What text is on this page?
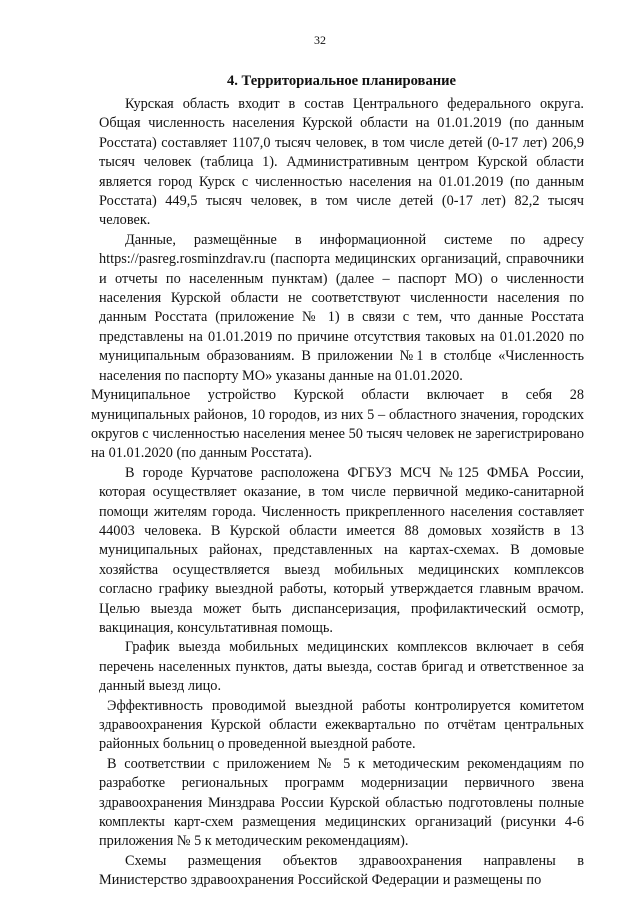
32
4. Территориальное планирование

Курская область входит в состав Центрального федерального округа. Общая численность населения Курской области на 01.01.2019 (по данным Росстата) составляет 1107,0 тысяч человек, в том числе детей (0-17 лет) 206,9 тысяч человек (таблица 1). Административным центром Курской области является город Курск с численностью населения на 01.01.2019 (по данным Росстата) 449,5 тысяч человек, в том числе детей (0-17 лет) 82,2 тысяч человек.

Данные, размещённые в информационной системе по адресу https://pasreg.rosminzdrav.ru (паспорта медицинских организаций, справочники и отчеты по населенным пунктам) (далее – паспорт МО) о численности населения Курской области не соответствуют численности населения по данным Росстата (приложение № 1) в связи с тем, что данные Росстата представлены на 01.01.2019 по причине отсутствия таковых на 01.01.2020 по муниципальным образованиям. В приложении №1 в столбце «Численность населения по паспорту МО» указаны данные на 01.01.2020.

Муниципальное устройство Курской области включает в себя 28 муниципальных районов, 10 городов, из них 5 – областного значения, городских округов с численностью населения менее 50 тысяч человек не зарегистрировано на 01.01.2020 (по данным Росстата).

В городе Курчатове расположена ФГБУЗ МСЧ №125 ФМБА России, которая осуществляет оказание, в том числе первичной медико-санитарной помощи жителям города. Численность прикрепленного населения составляет 44003 человека. В Курской области имеется 88 домовых хозяйств в 13 муниципальных районах, представленных на картах-схемах. В домовые хозяйства осуществляется выезд мобильных медицинских комплексов согласно графику выездной работы, который утверждается главным врачом. Целью выезда может быть диспансеризация, профилактический осмотр, вакцинация, консультативная помощь.

График выезда мобильных медицинских комплексов включает в себя перечень населенных пунктов, даты выезда, состав бригад и ответственное за данный выезд лицо.

Эффективность проводимой выездной работы контролируется комитетом здравоохранения Курской области ежеквартально по отчётам центральных районных больниц о проведенной выездной работе.

В соответствии с приложением № 5 к методическим рекомендациям по разработке региональных программ модернизации первичного звена здравоохранения Минздрава России Курской областью подготовлены полные комплекты карт-схем размещения медицинских организаций (рисунки 4-6 приложения № 5 к методическим рекомендациям).

Схемы размещения объектов здравоохранения направлены в Министерство здравоохранения Российской Федерации и размещены по
